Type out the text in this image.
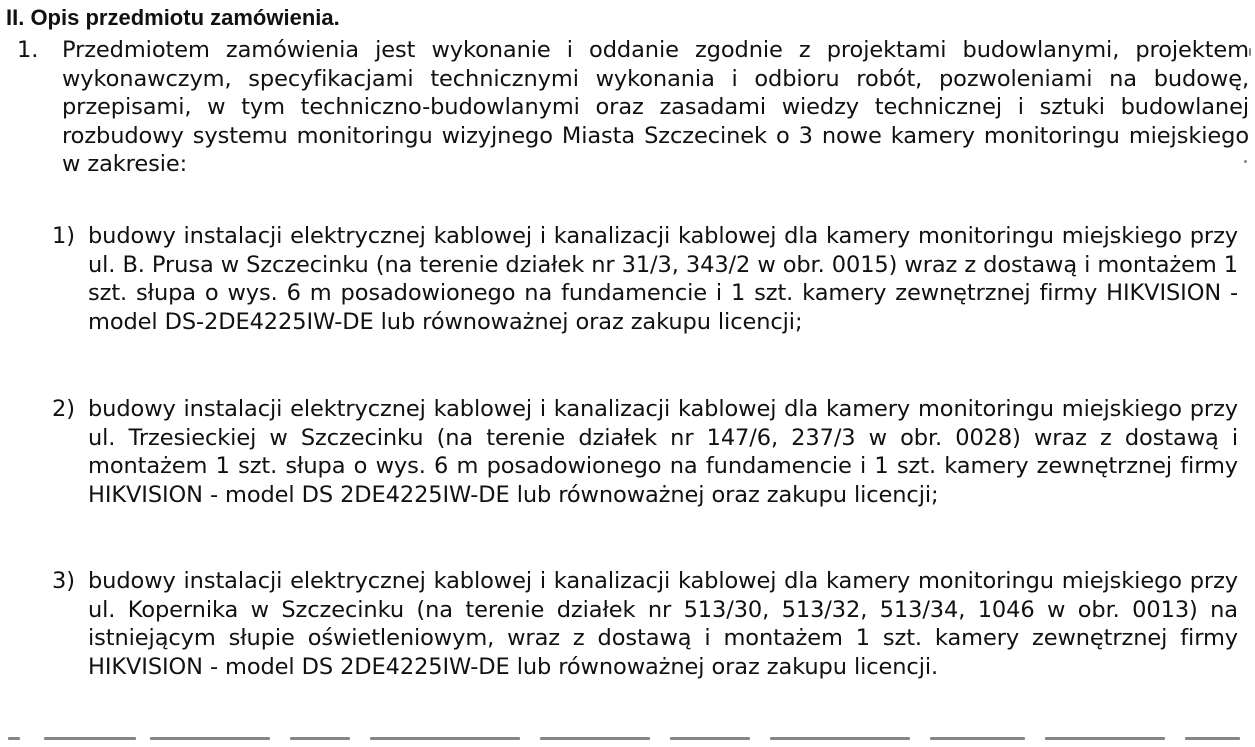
II. Opis przedmiotu zamówienia.
1. Przedmiotem zamówienia jest wykonanie i oddanie zgodnie z projektami budowlanymi, projektem wykonawczym, specyfikacjami technicznymi wykonania i odbioru robót, pozwoleniami na budowę, przepisami, w tym techniczno-budowlanymi oraz zasadami wiedzy technicznej i sztuki budowlanej rozbudowy systemu monitoringu wizyjnego Miasta Szczecinek o 3 nowe kamery monitoringu miejskiego w zakresie:
1) budowy instalacji elektrycznej kablowej i kanalizacji kablowej dla kamery monitoringu miejskiego przy ul. B. Prusa w Szczecinku (na terenie działek nr 31/3, 343/2 w obr. 0015) wraz z dostawą i montażem 1 szt. słupa o wys. 6 m posadowionego na fundamencie i 1 szt. kamery zewnętrznej firmy HIKVISION - model DS-2DE4225IW-DE lub równoważnej oraz zakupu licencji;
2) budowy instalacji elektrycznej kablowej i kanalizacji kablowej dla kamery monitoringu miejskiego przy ul. Trzesieckiej w Szczecinku (na terenie działek nr 147/6, 237/3 w obr. 0028) wraz z dostawą i montażem 1 szt. słupa o wys. 6 m posadowionego na fundamencie i 1 szt. kamery zewnętrznej firmy HIKVISION - model DS 2DE4225IW-DE lub równoważnej oraz zakupu licencji;
3) budowy instalacji elektrycznej kablowej i kanalizacji kablowej dla kamery monitoringu miejskiego przy ul. Kopernika w Szczecinku (na terenie działek nr 513/30, 513/32, 513/34, 1046 w obr. 0013) na istniejącym słupie oświetleniowym, wraz z dostawą i montażem 1 szt. kamery zewnętrznej firmy HIKVISION - model DS 2DE4225IW-DE lub równoważnej oraz zakupu licencji.
